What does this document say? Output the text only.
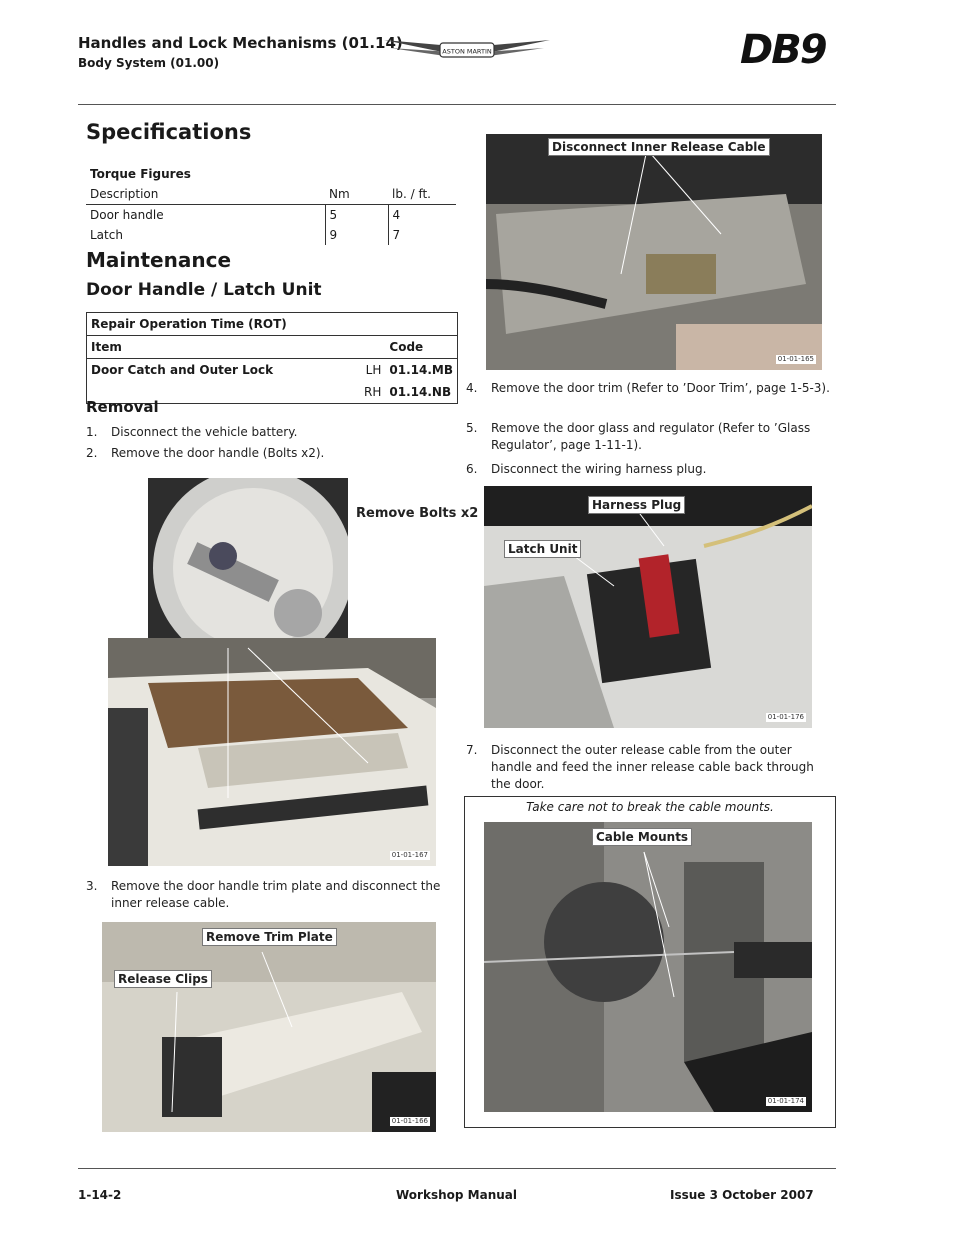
Handles and Lock Mechanisms (01.14)
Body System (01.00)
ASTON MARTIN	DB9
Specifications
Torque Figures		
Description	Nm	lb. / ft.
Door handle	5	4
Latch	9	7
Maintenance
Door Handle / Latch Unit
Repair Operation Time (ROT)		
Item		Code
Door Catch and Outer Lock	LH	01.14.MB
	RH	01.14.NB
Removal
1.	Disconnect the vehicle battery.
2.	Remove the door handle (Bolts x2).
Remove Bolts x2
01-01-167
3.	Remove the door handle trim plate and disconnect the inner release cable.
Remove Trim Plate
Release Clips
01-01-166
Disconnect Inner Release Cable
01-01-165
4.	Remove the door trim (Refer to ’Door Trim’, page 1-5-3).
5.	Remove the door glass and regulator (Refer to ’Glass Regulator’, page 1-11-1).
6.	Disconnect the wiring harness plug.
Harness Plug
Latch Unit
01-01-176
7.	Disconnect the outer release cable from the outer handle and feed the inner release cable back through the door.
Take care not to break the cable mounts.
Cable Mounts
01-01-174
1-14-2	Workshop Manual	Issue 3 October 2007
